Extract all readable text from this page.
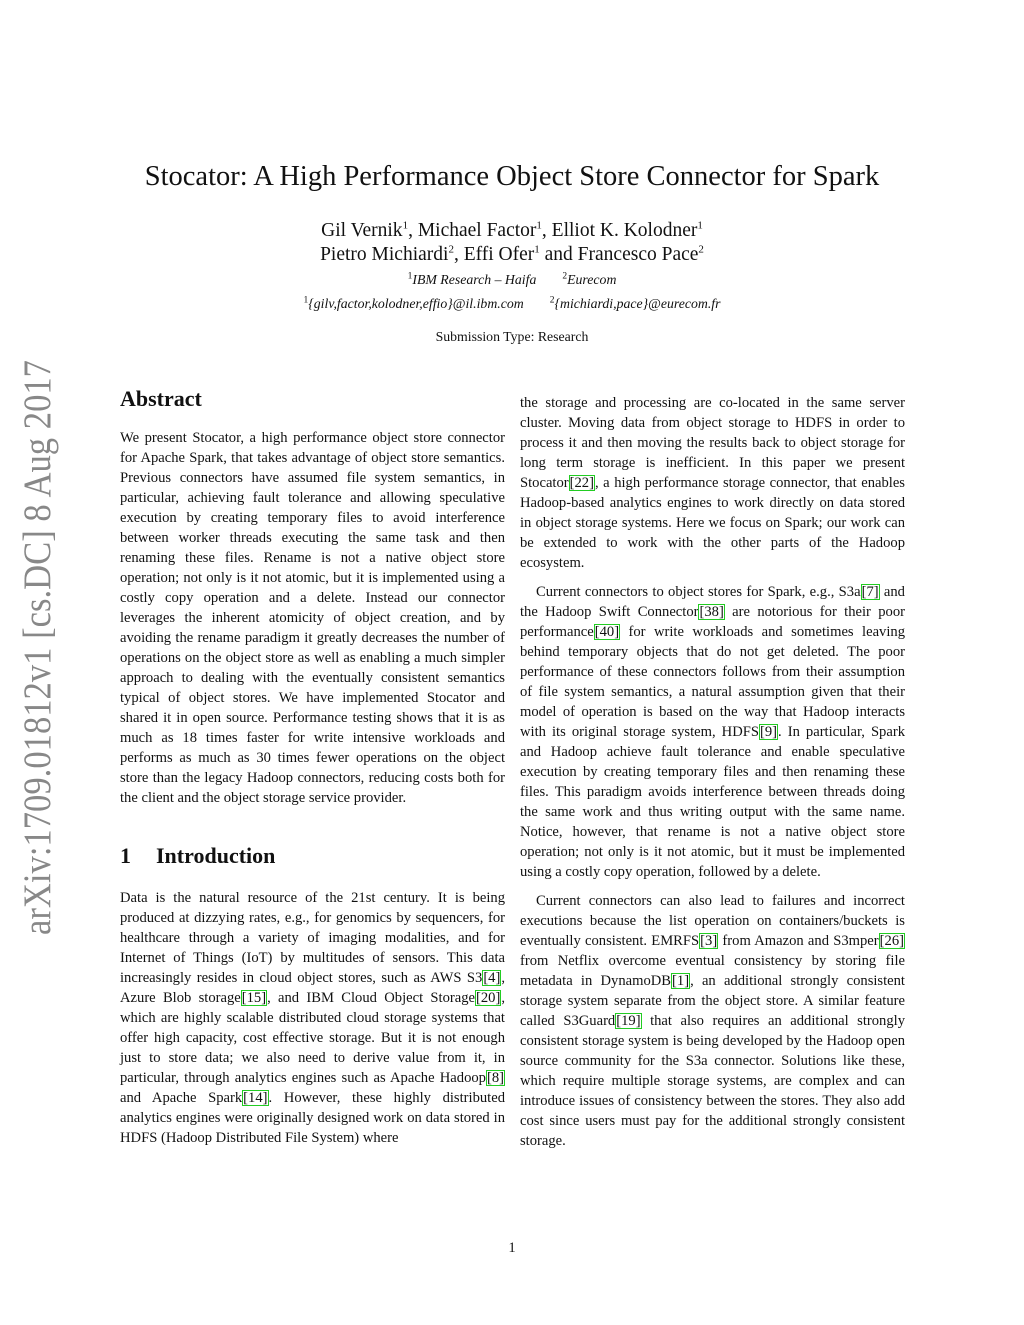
arXiv:1709.01812v1 [cs.DC] 8 Aug 2017
Stocator: A High Performance Object Store Connector for Spark
Gil Vernik$^1$, Michael Factor$^1$, Elliot K. Kolodner$^1$
Pietro Michiardi$^2$, Effi Ofer$^1$ and Francesco Pace$^2$
$^1$IBM Research – Haifa	$^2$Eurecom
$^1${gilv,factor,kolodner,effio}@il.ibm.com	$^2${michiardi,pace}@eurecom.fr
Submission Type: Research
Abstract

We present Stocator, a high performance object store connector for Apache Spark, that takes advantage of object store semantics. Previous connectors have assumed file system semantics, in particular, achieving fault tolerance and allowing speculative execution by creating temporary files to avoid interference between worker threads executing the same task and then renaming these files. Rename is not a native object store operation; not only is it not atomic, but it is implemented using a costly copy operation and a delete. Instead our connector leverages the inherent atomicity of object creation, and by avoiding the rename paradigm it greatly decreases the number of operations on the object store as well as enabling a much simpler approach to dealing with the eventually consistent semantics typical of object stores. We have implemented Stocator and shared it in open source. Performance testing shows that it is as much as 18 times faster for write intensive workloads and performs as much as 30 times fewer operations on the object store than the legacy Hadoop connectors, reducing costs both for the client and the object storage service provider.

1 Introduction

Data is the natural resource of the 21st century. It is being produced at dizzying rates, e.g., for genomics by sequencers, for healthcare through a variety of imaging modalities, and for Internet of Things (IoT) by multitudes of sensors. This data increasingly resides in cloud object stores, such as AWS S3[4], Azure Blob storage[15], and IBM Cloud Object Storage[20], which are highly scalable distributed cloud storage systems that offer high capacity, cost effective storage. But it is not enough just to store data; we also need to derive value from it, in particular, through analytics engines such as Apache Hadoop[8] and Apache Spark[14]. However, these highly distributed analytics engines were originally designed work on data stored in HDFS (Hadoop Distributed File System) where

the storage and processing are co-located in the same server cluster. Moving data from object storage to HDFS in order to process it and then moving the results back to object storage for long term storage is inefficient. In this paper we present Stocator[22], a high performance storage connector, that enables Hadoop-based analytics engines to work directly on data stored in object storage systems. Here we focus on Spark; our work can be extended to work with the other parts of the Hadoop ecosystem.

Current connectors to object stores for Spark, e.g., S3a[7] and the Hadoop Swift Connector[38] are notorious for their poor performance[40] for write workloads and sometimes leaving behind temporary objects that do not get deleted. The poor performance of these connectors follows from their assumption of file system semantics, a natural assumption given that their model of operation is based on the way that Hadoop interacts with its original storage system, HDFS[9]. In particular, Spark and Hadoop achieve fault tolerance and enable speculative execution by creating temporary files and then renaming these files. This paradigm avoids interference between threads doing the same work and thus writing output with the same name. Notice, however, that rename is not a native object store operation; not only is it not atomic, but it must be implemented using a costly copy operation, followed by a delete.

Current connectors can also lead to failures and incorrect executions because the list operation on containers/buckets is eventually consistent. EMRFS[3] from Amazon and S3mper[26] from Netflix overcome eventual consistency by storing file metadata in DynamoDB[1], an additional strongly consistent storage system separate from the object store. A similar feature called S3Guard[19] that also requires an additional strongly consistent storage system is being developed by the Hadoop open source community for the S3a connector. Solutions like these, which require multiple storage systems, are complex and can introduce issues of consistency between the stores. They also add cost since users must pay for the additional strongly consistent storage.

1
